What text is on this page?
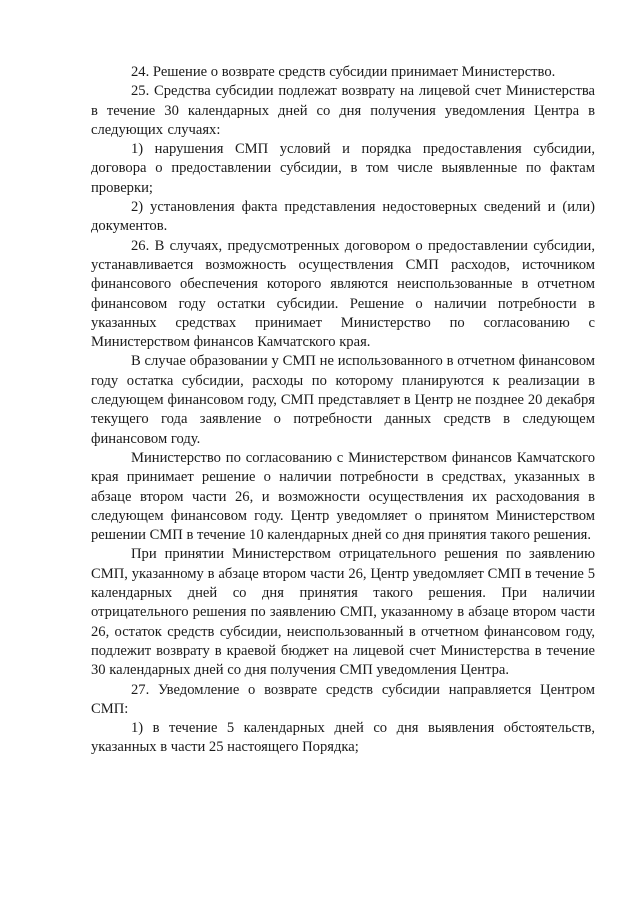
24. Решение о возврате средств субсидии принимает Министерство.

25. Средства субсидии подлежат возврату на лицевой счет Министерства в течение 30 календарных дней со дня получения уведомления Центра в следующих случаях:

1) нарушения СМП условий и порядка предоставления субсидии, договора о предоставлении субсидии, в том числе выявленные по фактам проверки;

2) установления факта представления недостоверных сведений и (или) документов.

26. В случаях, предусмотренных договором о предоставлении субсидии, устанавливается возможность осуществления СМП расходов, источником финансового обеспечения которого являются неиспользованные в отчетном финансовом году остатки субсидии. Решение о наличии потребности в указанных средствах принимает Министерство по согласованию с Министерством финансов Камчатского края.

В случае образовании у СМП не использованного в отчетном финансовом году остатка субсидии, расходы по которому планируются к реализации в следующем финансовом году, СМП представляет в Центр не позднее 20 декабря текущего года заявление о потребности данных средств в следующем финансовом году.

Министерство по согласованию с Министерством финансов Камчатского края принимает решение о наличии потребности в средствах, указанных в абзаце втором части 26, и возможности осуществления их расходования в следующем финансовом году. Центр уведомляет о принятом Министерством решении СМП в течение 10 календарных дней со дня принятия такого решения.

При принятии Министерством отрицательного решения по заявлению СМП, указанному в абзаце втором части 26, Центр уведомляет СМП в течение 5 календарных дней со дня принятия такого решения. При наличии отрицательного решения по заявлению СМП, указанному в абзаце втором части 26, остаток средств субсидии, неиспользованный в отчетном финансовом году, подлежит возврату в краевой бюджет на лицевой счет Министерства в течение 30 календарных дней со дня получения СМП уведомления Центра.

27. Уведомление о возврате средств субсидии направляется Центром СМП:

1) в течение 5 календарных дней со дня выявления обстоятельств, указанных в части 25 настоящего Порядка;
